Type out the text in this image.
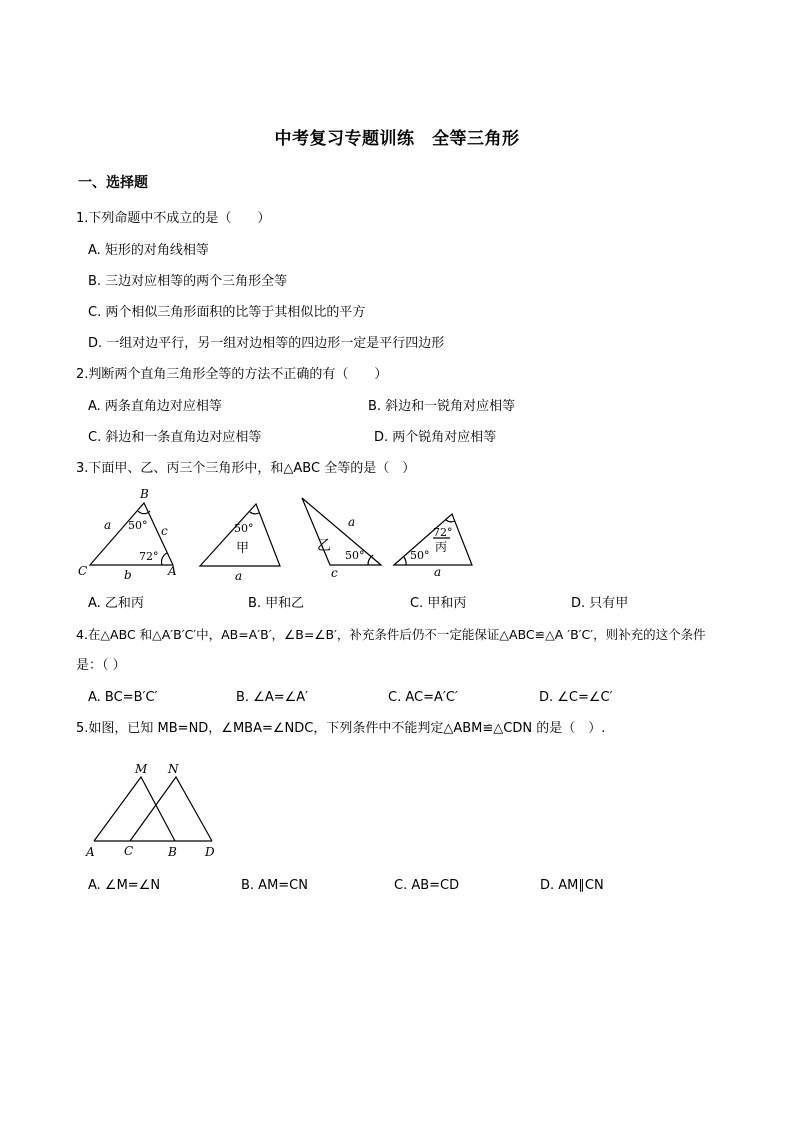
中考复习专题训练　全等三角形
一、选择题
1.下列命题中不成立的是（　　）
A. 矩形的对角线相等
B. 三边对应相等的两个三角形全等
C. 两个相似三角形面积的比等于其相似比的平方
D. 一组对边平行，另一组对边相等的四边形一定是平行四边形
2.判断两个直角三角形全等的方法不正确的有（　　）
A. 两条直角边对应相等	B. 斜边和一锐角对应相等
C. 斜边和一条直角边对应相等	D. 两个锐角对应相等
3.下面甲、乙、丙三个三角形中，和△ABC 全等的是（　）
B
C	A
a
b
c
50°
72°
50°
甲
a
乙
a
c
50°
72°
丙
50°
a
A. 乙和丙	B. 甲和乙	C. 甲和丙	D. 只有甲
4.在△ABC 和△A′B′C′中，AB=A′B′，∠B=∠B′，补充条件后仍不一定能保证△ABC≌△A ′B′C′，则补充的这个条件
是：（ ）
A. BC=B′C′	B. ∠A=∠A′	C. AC=A′C′	D. ∠C=∠C′
5.如图，已知 MB=ND，∠MBA=∠NDC，下列条件中不能判定△ABM≌△CDN 的是（　）.
M N
A C	B D
A. ∠M=∠N	B. AM=CN	C. AB=CD	D. AM∥CN
